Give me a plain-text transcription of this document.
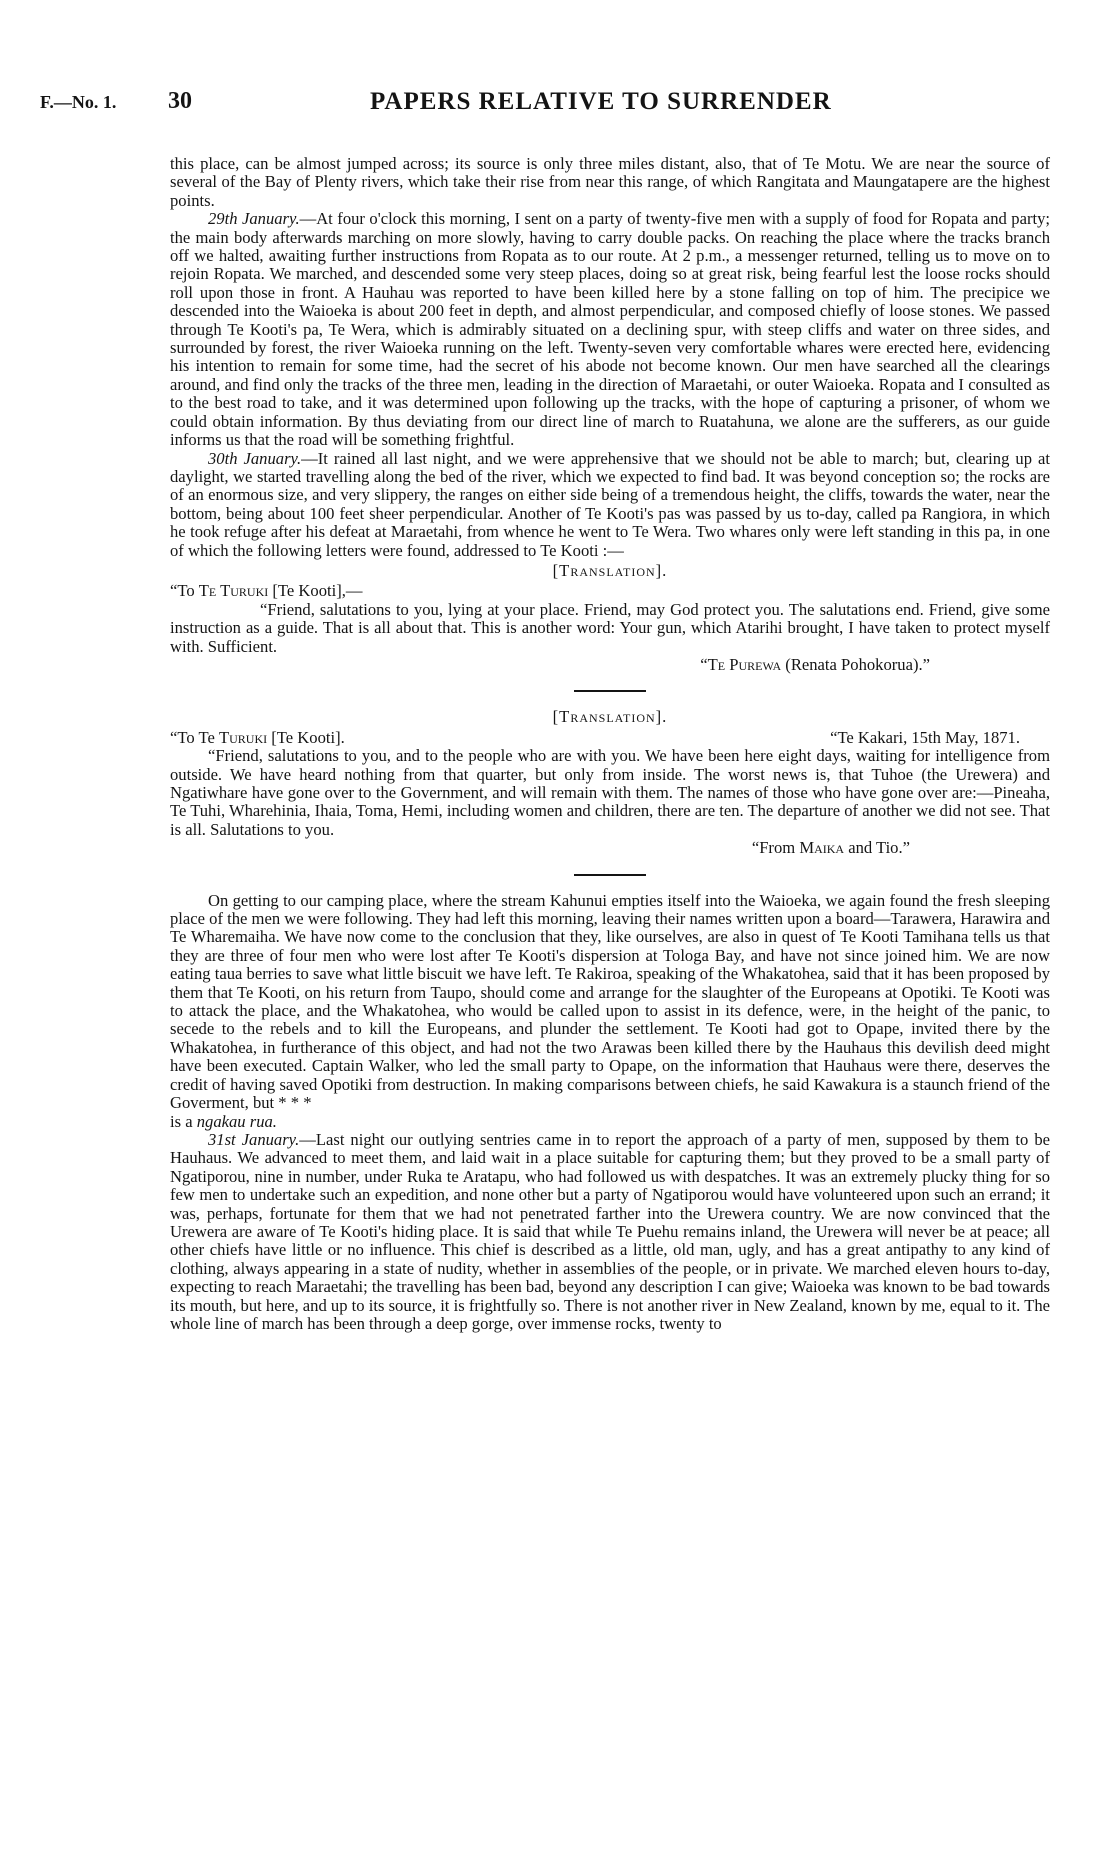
F.—No. 1. 30	PAPERS RELATIVE TO SURRENDER

this place, can be almost jumped across; its source is only three miles distant, also, that of Te Motu. We are near the source of several of the Bay of Plenty rivers, which take their rise from near this range, of which Rangitata and Maungatapere are the highest points.

29th January.—At four o'clock this morning, I sent on a party of twenty-five men with a supply of food for Ropata and party; the main body afterwards marching on more slowly, having to carry double packs. On reaching the place where the tracks branch off we halted, awaiting further instructions from Ropata as to our route. At 2 p.m., a messenger returned, telling us to move on to rejoin Ropata. We marched, and descended some very steep places, doing so at great risk, being fearful lest the loose rocks should roll upon those in front. A Hauhau was reported to have been killed here by a stone falling on top of him. The precipice we descended into the Waioeka is about 200 feet in depth, and almost perpendicular, and composed chiefly of loose stones. We passed through Te Kooti's pa, Te Wera, which is admirably situated on a declining spur, with steep cliffs and water on three sides, and surrounded by forest, the river Waioeka running on the left. Twenty-seven very comfortable whares were erected here, evidencing his intention to remain for some time, had the secret of his abode not become known. Our men have searched all the clearings around, and find only the tracks of the three men, leading in the direction of Maraetahi, or outer Waioeka. Ropata and I consulted as to the best road to take, and it was determined upon following up the tracks, with the hope of capturing a prisoner, of whom we could obtain information. By thus deviating from our direct line of march to Ruatahuna, we alone are the sufferers, as our guide informs us that the road will be something frightful.

30th January.—It rained all last night, and we were apprehensive that we should not be able to march; but, clearing up at daylight, we started travelling along the bed of the river, which we expected to find bad. It was beyond conception so; the rocks are of an enormous size, and very slippery, the ranges on either side being of a tremendous height, the cliffs, towards the water, near the bottom, being about 100 feet sheer perpendicular. Another of Te Kooti's pas was passed by us to-day, called pa Rangiora, in which he took refuge after his defeat at Maraetahi, from whence he went to Te Wera. Two whares only were left standing in this pa, in one of which the following letters were found, addressed to Te Kooti :—

[Translation].

“To Te Turuki [Te Kooti],—

“Friend, salutations to you, lying at your place. Friend, may God protect you. The salutations end. Friend, give some instruction as a guide. That is all about that. This is another word: Your gun, which Atarihi brought, I have taken to protect myself with. Sufficient.

“Te Purewa (Renata Pohokorua).”

[Translation].
“To Te Turuki [Te Kooti].	“Te Kakari, 15th May, 1871.

“Friend, salutations to you, and to the people who are with you. We have been here eight days, waiting for intelligence from outside. We have heard nothing from that quarter, but only from inside. The worst news is, that Tuhoe (the Urewera) and Ngatiwhare have gone over to the Government, and will remain with them. The names of those who have gone over are:—Pineaha, Te Tuhi, Wharehinia, Ihaia, Toma, Hemi, including women and children, there are ten. The departure of another we did not see. That is all. Salutations to you.

“From Maika and Tio.”

On getting to our camping place, where the stream Kahunui empties itself into the Waioeka, we again found the fresh sleeping place of the men we were following. They had left this morning, leaving their names written upon a board—Tarawera, Harawira and Te Wharemaiha. We have now come to the conclusion that they, like ourselves, are also in quest of Te Kooti Tamihana tells us that they are three of four men who were lost after Te Kooti's dispersion at Tologa Bay, and have not since joined him. We are now eating taua berries to save what little biscuit we have left. Te Rakiroa, speaking of the Whakatohea, said that it has been proposed by them that Te Kooti, on his return from Taupo, should come and arrange for the slaughter of the Europeans at Opotiki. Te Kooti was to attack the place, and the Whakatohea, who would be called upon to assist in its defence, were, in the height of the panic, to secede to the rebels and to kill the Europeans, and plunder the settlement. Te Kooti had got to Opape, invited there by the Whakatohea, in furtherance of this object, and had not the two Arawas been killed there by the Hauhaus this devilish deed might have been executed. Captain Walker, who led the small party to Opape, on the information that Hauhaus were there, deserves the credit of having saved Opotiki from destruction. In making comparisons between chiefs, he said Kawakura is a staunch friend of the Goverment, but * * *

is a ngakau rua.

31st January.—Last night our outlying sentries came in to report the approach of a party of men, supposed by them to be Hauhaus. We advanced to meet them, and laid wait in a place suitable for capturing them; but they proved to be a small party of Ngatiporou, nine in number, under Ruka te Aratapu, who had followed us with despatches. It was an extremely plucky thing for so few men to undertake such an expedition, and none other but a party of Ngatiporou would have volunteered upon such an errand; it was, perhaps, fortunate for them that we had not penetrated farther into the Urewera country. We are now convinced that the Urewera are aware of Te Kooti's hiding place. It is said that while Te Puehu remains inland, the Urewera will never be at peace; all other chiefs have little or no influence. This chief is described as a little, old man, ugly, and has a great antipathy to any kind of clothing, always appearing in a state of nudity, whether in assemblies of the people, or in private. We marched eleven hours to-day, expecting to reach Maraetahi; the travelling has been bad, beyond any description I can give; Waioeka was known to be bad towards its mouth, but here, and up to its source, it is frightfully so. There is not another river in New Zealand, known by me, equal to it. The whole line of march has been through a deep gorge, over immense rocks, twenty to
